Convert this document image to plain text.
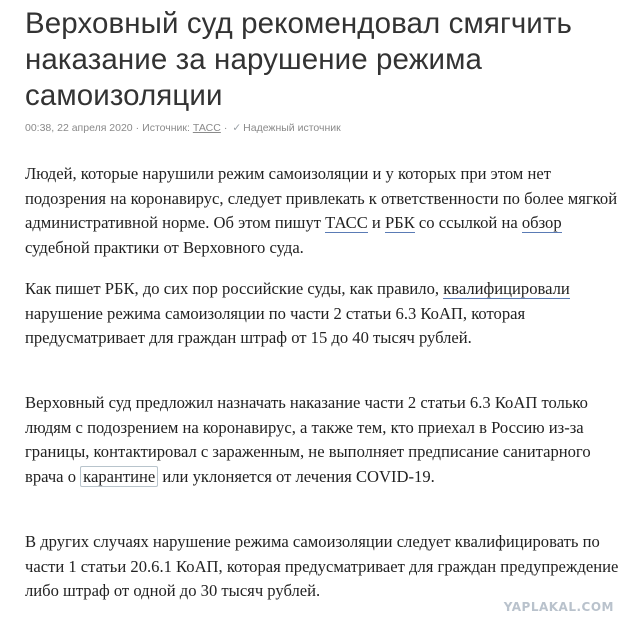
Верховный суд рекомендовал смягчить наказание за нарушение режима самоизоляции
00:38, 22 апреля 2020 · Источник: ТАСС · ✓ Надежный источник

Людей, которые нарушили режим самоизоляции и у которых при этом нет подозрения на коронавирус, следует привлекать к ответственности по более мягкой административной норме. Об этом пишут ТАСС и РБК со ссылкой на обзор судебной практики от Верховного суда.

Как пишет РБК, до сих пор российские суды, как правило, квалифицировали нарушение режима самоизоляции по части 2 статьи 6.3 КоАП, которая предусматривает для граждан штраф от 15 до 40 тысяч рублей.

Верховный суд предложил назначать наказание части 2 статьи 6.3 КоАП только людям с подозрением на коронавирус, а также тем, кто приехал в Россию из-за границы, контактировал с зараженным, не выполняет предписание санитарного врача о карантине или уклоняется от лечения COVID-19.

В других случаях нарушение режима самоизоляции следует квалифицировать по части 1 статьи 20.6.1 КоАП, которая предусматривает для граждан предупреждение либо штраф от одной до 30 тысяч рублей.

YAPLAKAL.COM
